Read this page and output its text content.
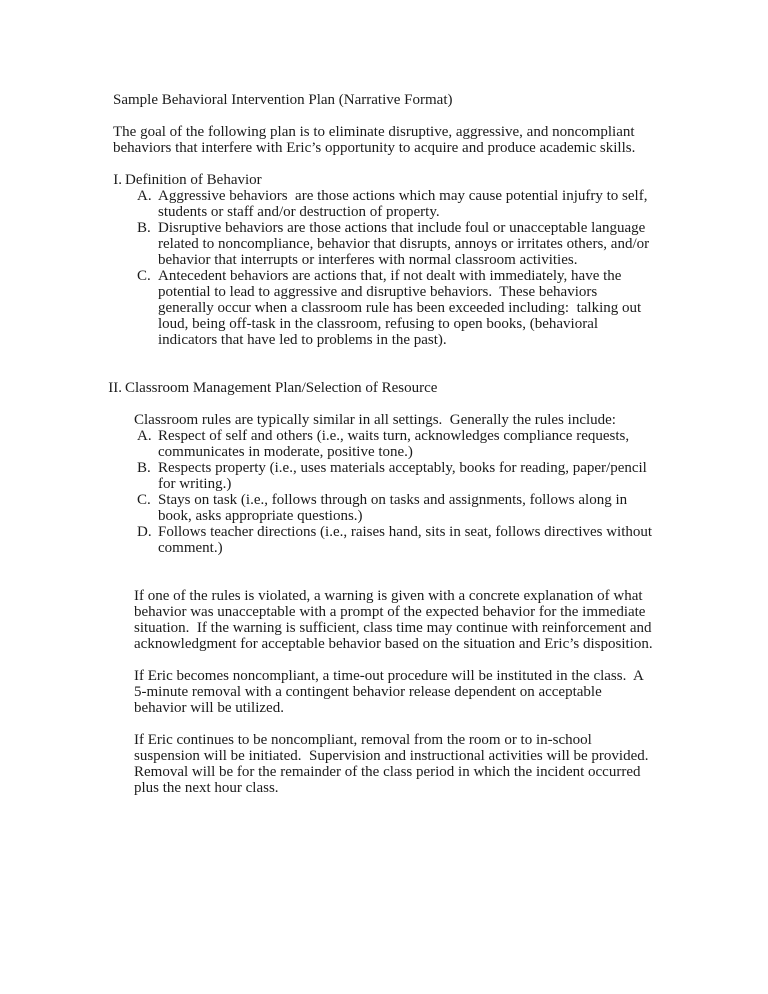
Sample Behavioral Intervention Plan (Narrative Format)

The goal of the following plan is to eliminate disruptive, aggressive, and noncompliant behaviors that interfere with Eric’s opportunity to acquire and produce academic skills.

I. Definition of Behavior
A. Aggressive behaviors  are those actions which may cause potential injufry to self, students or staff and/or destruction of property.
B. Disruptive behaviors are those actions that include foul or unacceptable language related to noncompliance, behavior that disrupts, annoys or irritates others, and/or behavior that interrupts or interferes with normal classroom activities.
C. Antecedent behaviors are actions that, if not dealt with immediately, have the potential to lead to aggressive and disruptive behaviors.  These behaviors generally occur when a classroom rule has been exceeded including:  talking out loud, being off-task in the classroom, refusing to open books, (behavioral indicators that have led to problems in the past).
II. Classroom Management Plan/Selection of Resource

Classroom rules are typically similar in all settings.  Generally the rules include:

A. Respect of self and others (i.e., waits turn, acknowledges compliance requests, communicates in moderate, positive tone.)
B. Respects property (i.e., uses materials acceptably, books for reading, paper/pencil for writing.)
C. Stays on task (i.e., follows through on tasks and assignments, follows along in book, asks appropriate questions.)
D. Follows teacher directions (i.e., raises hand, sits in seat, follows directives without comment.)

If one of the rules is violated, a warning is given with a concrete explanation of what behavior was unacceptable with a prompt of the expected behavior for the immediate situation.  If the warning is sufficient, class time may continue with reinforcement and acknowledgment for acceptable behavior based on the situation and Eric’s disposition.

If Eric becomes noncompliant, a time-out procedure will be instituted in the class.  A 5-minute removal with a contingent behavior release dependent on acceptable behavior will be utilized.

If Eric continues to be noncompliant, removal from the room or to in-school suspension will be initiated.  Supervision and instructional activities will be provided.  Removal will be for the remainder of the class period in which the incident occurred plus the next hour class.
